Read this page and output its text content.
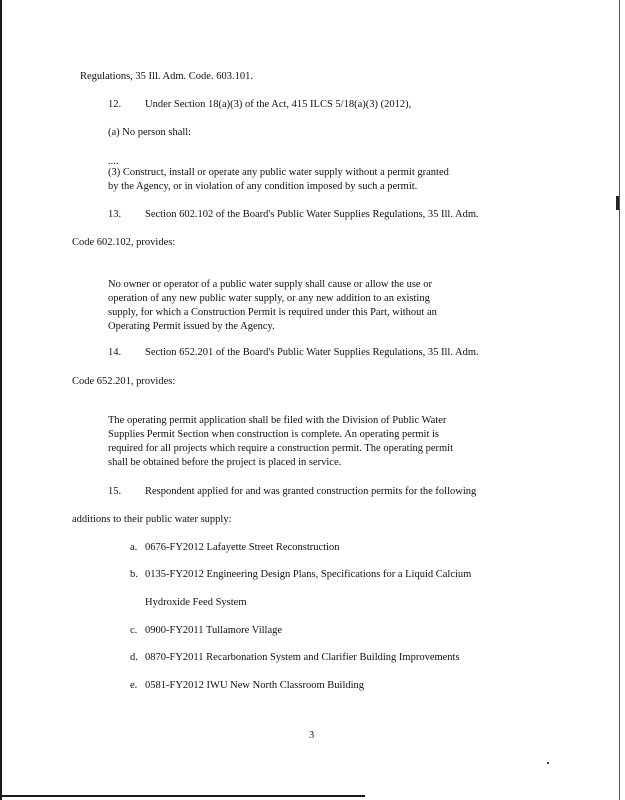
Regulations, 35 Ill. Adm. Code. 603.101.

12. Under Section 18(a)(3) of the Act, 415 ILCS 5/18(a)(3) (2012),

(a) No person shall:

....

(3) Construct, install or operate any public water supply without a permit granted
by the Agency, or in violation of any condition imposed by such a permit.

13. Section 602.102 of the Board's Public Water Supplies Regulations, 35 Ill. Adm.

Code 602.102, provides:

No owner or operator of a public water supply shall cause or allow the use or
operation of any new public water supply, or any new addition to an existing
supply, for which a Construction Permit is required under this Part, without an
Operating Permit issued by the Agency.

14. Section 652.201 of the Board's Public Water Supplies Regulations, 35 Ill. Adm.

Code 652.201, provides:

The operating permit application shall be filed with the Division of Public Water
Supplies Permit Section when construction is complete. An operating permit is
required for all projects which require a construction permit. The operating permit
shall be obtained before the project is placed in service.

15. Respondent applied for and was granted construction permits for the following

additions to their public water supply:

a. 0676-FY2012 Lafayette Street Reconstruction

b. 0135-FY2012 Engineering Design Plans, Specifications for a Liquid Calcium

Hydroxide Feed System

c. 0900-FY2011 Tullamore Village

d. 0870-FY2011 Recarbonation System and Clarifier Building Improvements

e. 0581-FY2012 IWU New North Classroom Building

3
